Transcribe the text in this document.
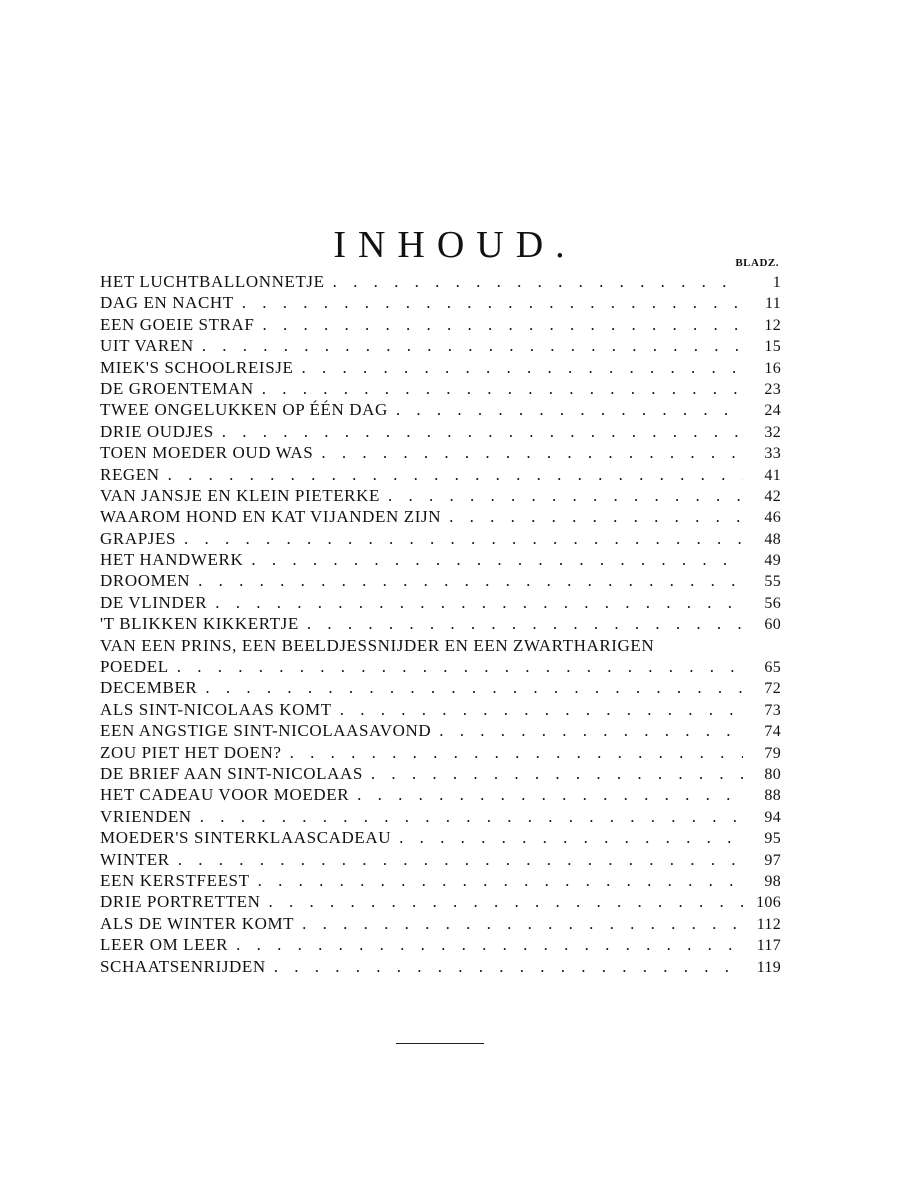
INHOUD.	BLADZ.
HET LUCHTBALLONNETJE . . .	1
DAG EN NACHT . . .	11
EEN GOEIE STRAF . . .	12
UIT VAREN . . .	15
MIEK'S SCHOOLREISJE . . .	16
DE GROENTEMAN . . .	23
TWEE ONGELUKKEN OP ÉÉN DAG . . .	24
DRIE OUDJES . . .	32
TOEN MOEDER OUD WAS . . .	33
REGEN . . .	41
VAN JANSJE EN KLEIN PIETERKE . . .	42
WAAROM HOND EN KAT VIJANDEN ZIJN . . .	46
GRAPJES . . .	48
HET HANDWERK . . .	49
DROOMEN . . .	55
DE VLINDER . . .	56
'T BLIKKEN KIKKERTJE . . .	60
VAN EEN PRINS, EEN BEELDJESSNIJDER EN EEN ZWARTHARIGEN
POEDEL . . .	65
DECEMBER . . .	72
ALS SINT-NICOLAAS KOMT . . .	73
EEN ANGSTIGE SINT-NICOLAASAVOND . . .	74
ZOU PIET HET DOEN? . . .	79
DE BRIEF AAN SINT-NICOLAAS . . .	80
HET CADEAU VOOR MOEDER . . .	88
VRIENDEN . . .	94
MOEDER'S SINTERKLAASCADEAU . . .	95
WINTER . . .	97
EEN KERSTFEEST . . .	98
DRIE PORTRETTEN . . .	106
ALS DE WINTER KOMT . . .	112
LEER OM LEER . . .	117
SCHAATSENRIJDEN . . .	119
